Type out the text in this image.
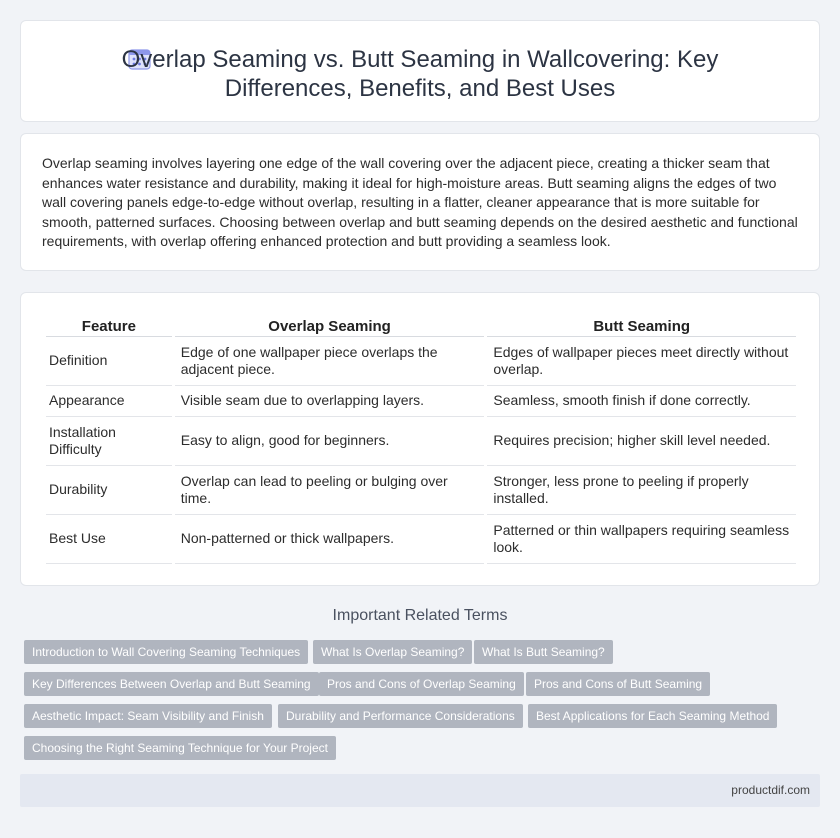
Overlap Seaming vs. Butt Seaming in Wallcovering: Key Differences, Benefits, and Best Uses

Overlap seaming involves layering one edge of the wall covering over the adjacent piece, creating a thicker seam that enhances water resistance and durability, making it ideal for high-moisture areas. Butt seaming aligns the edges of two wall covering panels edge-to-edge without overlap, resulting in a flatter, cleaner appearance that is more suitable for smooth, patterned surfaces. Choosing between overlap and butt seaming depends on the desired aesthetic and functional requirements, with overlap offering enhanced protection and butt providing a seamless look.

Feature	Overlap Seaming	Butt Seaming
Definition	Edge of one wallpaper piece overlaps the adjacent piece.	Edges of wallpaper pieces meet directly without overlap.
Appearance	Visible seam due to overlapping layers.	Seamless, smooth finish if done correctly.
Installation Difficulty	Easy to align, good for beginners.	Requires precision; higher skill level needed.
Durability	Overlap can lead to peeling or bulging over time.	Stronger, less prone to peeling if properly installed.
Best Use	Non-patterned or thick wallpapers.	Patterned or thin wallpapers requiring seamless look.
Important Related Terms
Introduction to Wall Covering Seaming Techniques	What Is Overlap Seaming?	What Is Butt Seaming?
Key Differences Between Overlap and Butt Seaming	Pros and Cons of Overlap Seaming	Pros and Cons of Butt Seaming
Aesthetic Impact: Seam Visibility and Finish	Durability and Performance Considerations	Best Applications for Each Seaming Method
Choosing the Right Seaming Technique for Your Project
productdif.com
